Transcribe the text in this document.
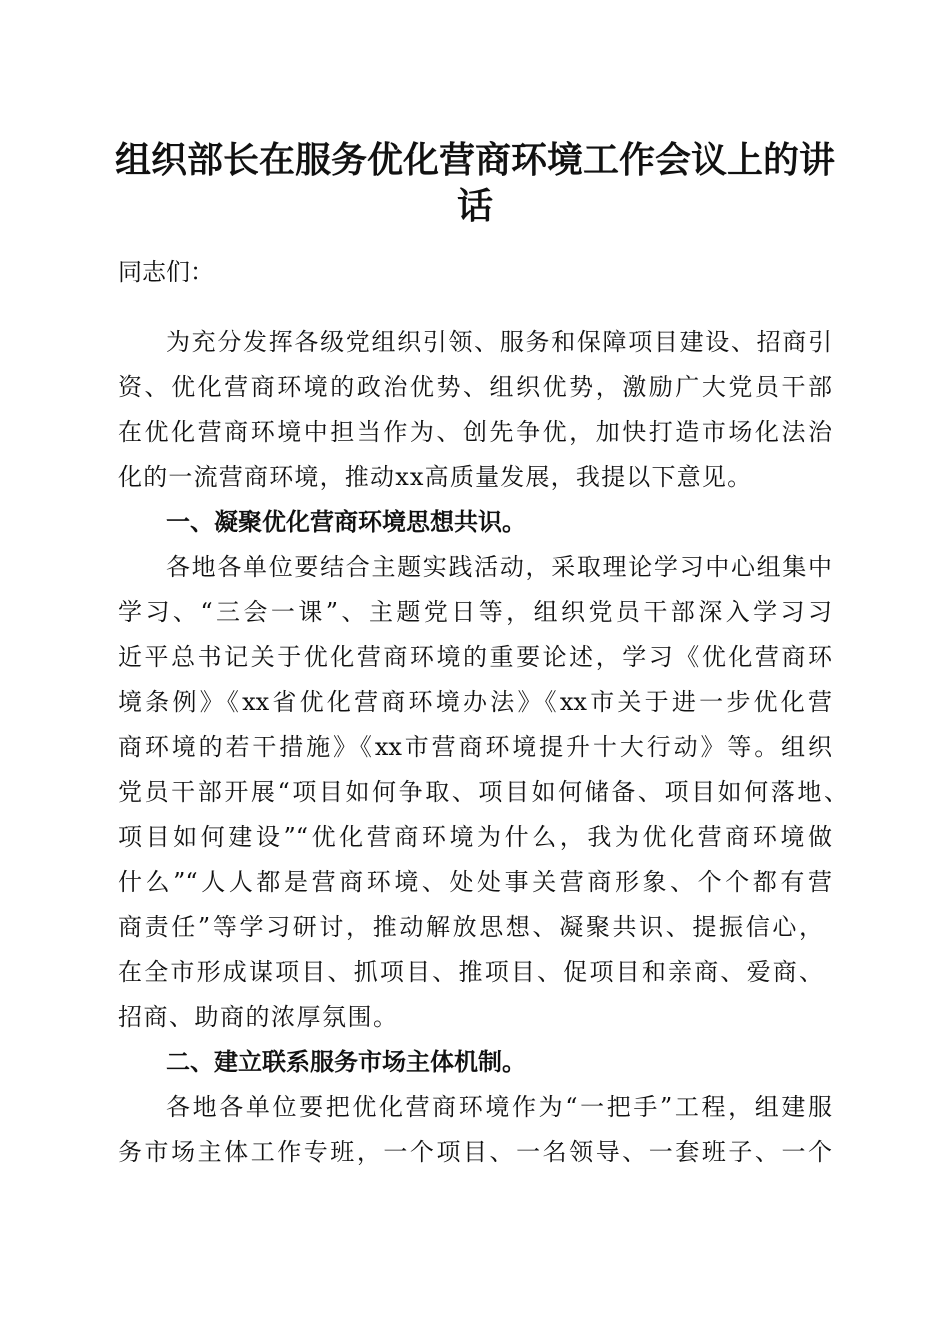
组织部长在服务优化营商环境工作会议上的讲
话
同志们：
为充分发挥各级党组织引领、服务和保障项目建设、招商引
资、优化营商环境的政治优势、组织优势，激励广大党员干部
在优化营商环境中担当作为、创先争优，加快打造市场化法治
化的一流营商环境，推动xx高质量发展，我提以下意见。
一、凝聚优化营商环境思想共识。
各地各单位要结合主题实践活动，采取理论学习中心组集中
学习、“三会一课”、主题党日等，组织党员干部深入学习习
近平总书记关于优化营商环境的重要论述，学习《优化营商环
境条例》《xx省优化营商环境办法》《xx市关于进一步优化营
商环境的若干措施》《xx市营商环境提升十大行动》等。组织
党员干部开展“项目如何争取、项目如何储备、项目如何落地、
项目如何建设”“优化营商环境为什么，我为优化营商环境做
什么”“人人都是营商环境、处处事关营商形象、个个都有营
商责任”等学习研讨，推动解放思想、凝聚共识、提振信心，
在全市形成谋项目、抓项目、推项目、促项目和亲商、爱商、
招商、助商的浓厚氛围。
二、建立联系服务市场主体机制。
各地各单位要把优化营商环境作为“一把手”工程，组建服
务市场主体工作专班，一个项目、一名领导、一套班子、一个
